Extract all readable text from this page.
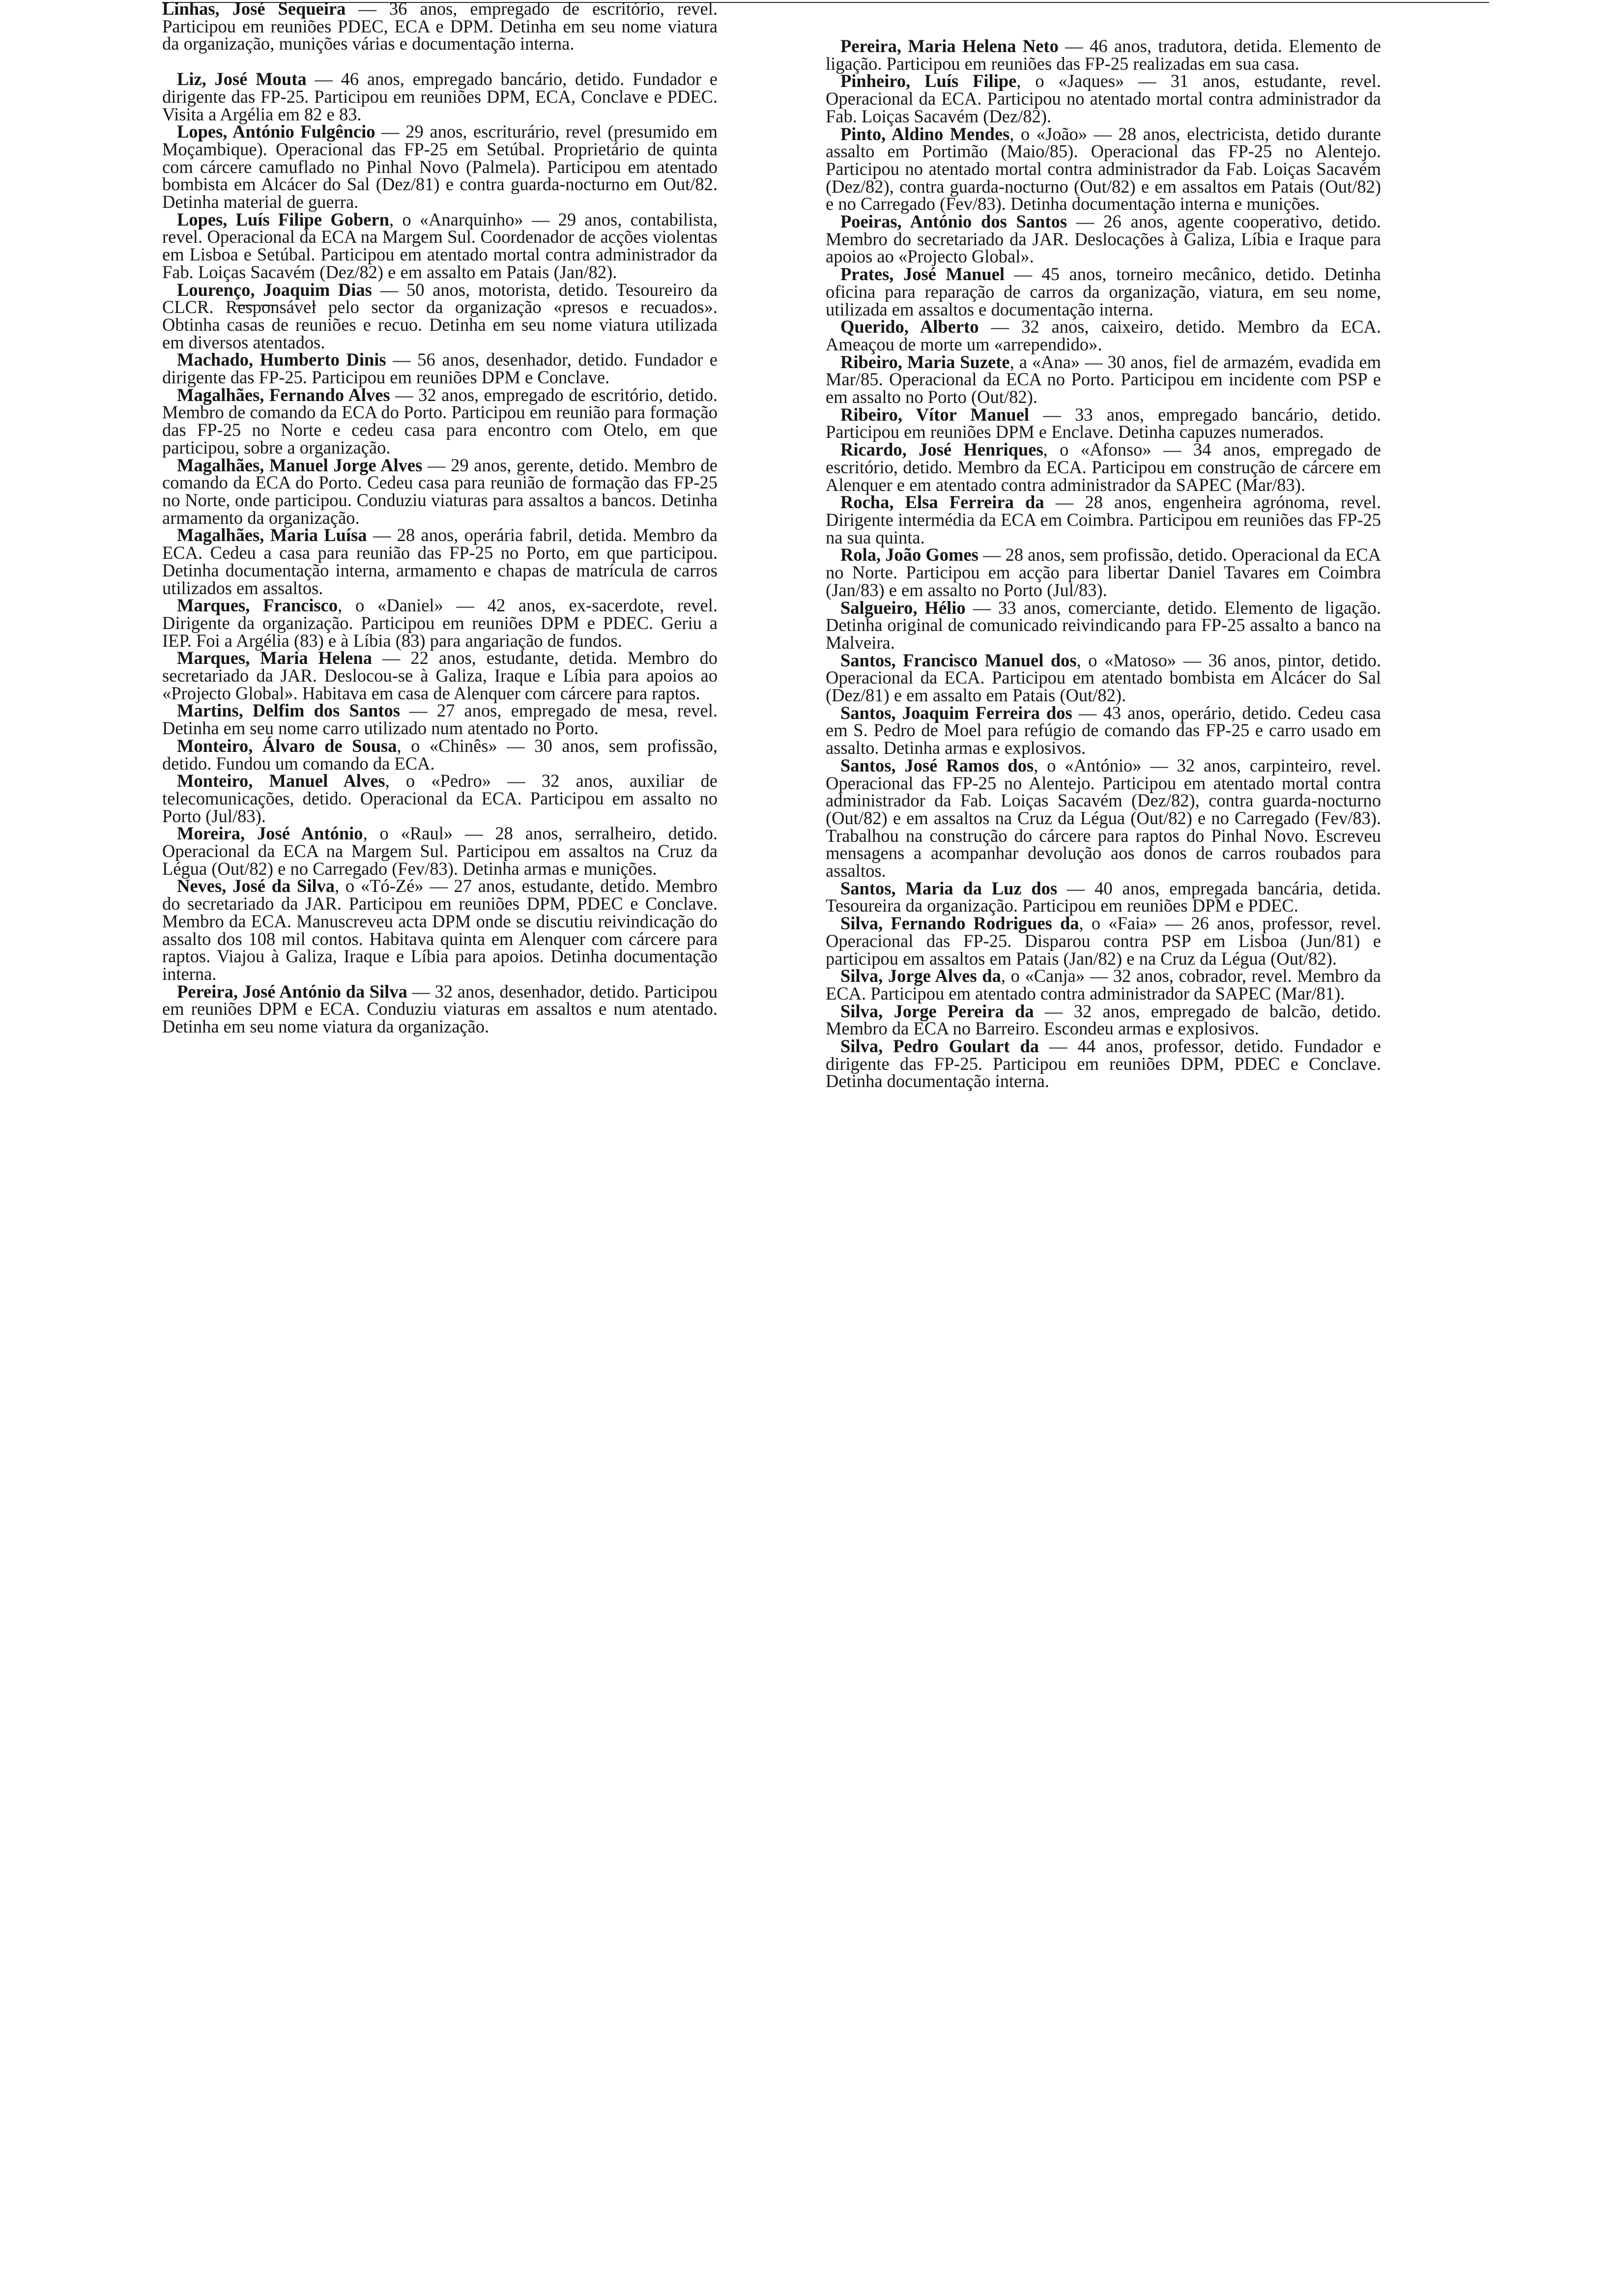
Linhas, José Sequeira — 36 anos, empregado de escritório, revel. Participou em reuniões PDEC, ECA e DPM. Detinha em seu nome viatura da organização, munições várias e documentação interna.

Liz, José Mouta — 46 anos, empregado bancário, detido. Fundador e dirigente das FP-25. Participou em reuniões DPM, ECA, Conclave e PDEC. Visita a Argélia em 82 e 83.

Lopes, António Fulgêncio — 29 anos, escriturário, revel (presumido em Moçambique). Operacional das FP-25 em Setúbal. Proprietário de quinta com cárcere camuflado no Pinhal Novo (Palmela). Participou em atentado bombista em Alcácer do Sal (Dez/81) e contra guarda-nocturno em Out/82. Detinha material de guerra.

Lopes, Luís Filipe Gobern, o «Anarquinho» — 29 anos, contabilista, revel. Operacional da ECA na Margem Sul. Coordenador de acções violentas em Lisboa e Setúbal. Participou em atentado mortal contra administrador da Fab. Loiças Sacavém (Dez/82) e em assalto em Patais (Jan/82).

Lourenço, Joaquim Dias — 50 anos, motorista, detido. Tesoureiro da CLCR. Responsável pelo sector da organização «presos e recuados». Obtinha casas de reuniões e recuo. Detinha em seu nome viatura utilizada em diversos atentados.

Machado, Humberto Dinis — 56 anos, desenhador, detido. Fundador e dirigente das FP-25. Participou em reuniões DPM e Conclave.

Magalhães, Fernando Alves — 32 anos, empregado de escritório, detido. Membro de comando da ECA do Porto. Participou em reunião para formação das FP-25 no Norte e cedeu casa para encontro com Otelo, em que participou, sobre a organização.

Magalhães, Manuel Jorge Alves — 29 anos, gerente, detido. Membro de comando da ECA do Porto. Cedeu casa para reunião de formação das FP-25 no Norte, onde participou. Conduziu viaturas para assaltos a bancos. Detinha armamento da organização.

Magalhães, Maria Luísa — 28 anos, operária fabril, detida. Membro da ECA. Cedeu a casa para reunião das FP-25 no Porto, em que participou. Detinha documentação interna, armamento e chapas de matrícula de carros utilizados em assaltos.

Marques, Francisco, o «Daniel» — 42 anos, ex-sacerdote, revel. Dirigente da organização. Participou em reuniões DPM e PDEC. Geriu a IEP. Foi a Argélia (83) e à Líbia (83) para angariação de fundos.

Marques, Maria Helena — 22 anos, estudante, detida. Membro do secretariado da JAR. Deslocou-se à Galiza, Iraque e Líbia para apoios ao «Projecto Global». Habitava em casa de Alenquer com cárcere para raptos.

Martins, Delfim dos Santos — 27 anos, empregado de mesa, revel. Detinha em seu nome carro utilizado num atentado no Porto.

Monteiro, Álvaro de Sousa, o «Chinês» — 30 anos, sem profissão, detido. Fundou um comando da ECA.

Monteiro, Manuel Alves, o «Pedro» — 32 anos, auxiliar de telecomunicações, detido. Operacional da ECA. Participou em assalto no Porto (Jul/83).

Moreira, José António, o «Raul» — 28 anos, serralheiro, detido. Operacional da ECA na Margem Sul. Participou em assaltos na Cruz da Légua (Out/82) e no Carregado (Fev/83). Detinha armas e munições.

Neves, José da Silva, o «Tó-Zé» — 27 anos, estudante, detido. Membro do secretariado da JAR. Participou em reuniões DPM, PDEC e Conclave. Membro da ECA. Manuscreveu acta DPM onde se discutiu reivindicação do assalto dos 108 mil contos. Habitava quinta em Alenquer com cárcere para raptos. Viajou à Galiza, Iraque e Líbia para apoios. Detinha documentação interna.

Pereira, José António da Silva — 32 anos, desenhador, detido. Participou em reuniões DPM e ECA. Conduziu viaturas em assaltos e num atentado. Detinha em seu nome viatura da organização.

Pereira, Maria Helena Neto — 46 anos, tradutora, detida. Elemento de ligação. Participou em reuniões das FP-25 realizadas em sua casa.

Pinheiro, Luís Filipe, o «Jaques» — 31 anos, estudante, revel. Operacional da ECA. Participou no atentado mortal contra administrador da Fab. Loiças Sacavém (Dez/82).

Pinto, Aldino Mendes, o «João» — 28 anos, electricista, detido durante assalto em Portimão (Maio/85). Operacional das FP-25 no Alentejo. Participou no atentado mortal contra administrador da Fab. Loiças Sacavém (Dez/82), contra guarda-nocturno (Out/82) e em assaltos em Patais (Out/82) e no Carregado (Fev/83). Detinha documentação interna e munições.

Poeiras, António dos Santos — 26 anos, agente cooperativo, detido. Membro do secretariado da JAR. Deslocações à Galiza, Líbia e Iraque para apoios ao «Projecto Global».

Prates, José Manuel — 45 anos, torneiro mecânico, detido. Detinha oficina para reparação de carros da organização, viatura, em seu nome, utilizada em assaltos e documentação interna.

Querido, Alberto — 32 anos, caixeiro, detido. Membro da ECA. Ameaçou de morte um «arrependido».

Ribeiro, Maria Suzete, a «Ana» — 30 anos, fiel de armazém, evadida em Mar/85. Operacional da ECA no Porto. Participou em incidente com PSP e em assalto no Porto (Out/82).

Ribeiro, Vítor Manuel — 33 anos, empregado bancário, detido. Participou em reuniões DPM e Enclave. Detinha capuzes numerados.

Ricardo, José Henriques, o «Afonso» — 34 anos, empregado de escritório, detido. Membro da ECA. Participou em construção de cárcere em Alenquer e em atentado contra administrador da SAPEC (Mar/83).

Rocha, Elsa Ferreira da — 28 anos, engenheira agrónoma, revel. Dirigente intermédia da ECA em Coimbra. Participou em reuniões das FP-25 na sua quinta.

Rola, João Gomes — 28 anos, sem profissão, detido. Operacional da ECA no Norte. Participou em acção para libertar Daniel Tavares em Coimbra (Jan/83) e em assalto no Porto (Jul/83).

Salgueiro, Hélio — 33 anos, comerciante, detido. Elemento de ligação. Detinha original de comunicado reivindicando para FP-25 assalto a banco na Malveira.

Santos, Francisco Manuel dos, o «Matoso» — 36 anos, pintor, detido. Operacional da ECA. Participou em atentado bombista em Alcácer do Sal (Dez/81) e em assalto em Patais (Out/82).

Santos, Joaquim Ferreira dos — 43 anos, operário, detido. Cedeu casa em S. Pedro de Moel para refúgio de comando das FP-25 e carro usado em assalto. Detinha armas e explosivos.

Santos, José Ramos dos, o «António» — 32 anos, carpinteiro, revel. Operacional das FP-25 no Alentejo. Participou em atentado mortal contra administrador da Fab. Loiças Sacavém (Dez/82), contra guarda-nocturno (Out/82) e em assaltos na Cruz da Légua (Out/82) e no Carregado (Fev/83). Trabalhou na construção do cárcere para raptos do Pinhal Novo. Escreveu mensagens a acompanhar devolução aos donos de carros roubados para assaltos.

Santos, Maria da Luz dos — 40 anos, empregada bancária, detida. Tesoureira da organização. Participou em reuniões DPM e PDEC.

Silva, Fernando Rodrigues da, o «Faia» — 26 anos, professor, revel. Operacional das FP-25. Disparou contra PSP em Lisboa (Jun/81) e participou em assaltos em Patais (Jan/82) e na Cruz da Légua (Out/82).

Silva, Jorge Alves da, o «Canja» — 32 anos, cobrador, revel. Membro da ECA. Participou em atentado contra administrador da SAPEC (Mar/81).

Silva, Jorge Pereira da — 32 anos, empregado de balcão, detido. Membro da ECA no Barreiro. Escondeu armas e explosivos.

Silva, Pedro Goulart da — 44 anos, professor, detido. Fundador e dirigente das FP-25. Participou em reuniões DPM, PDEC e Conclave. Detinha documentação interna.
